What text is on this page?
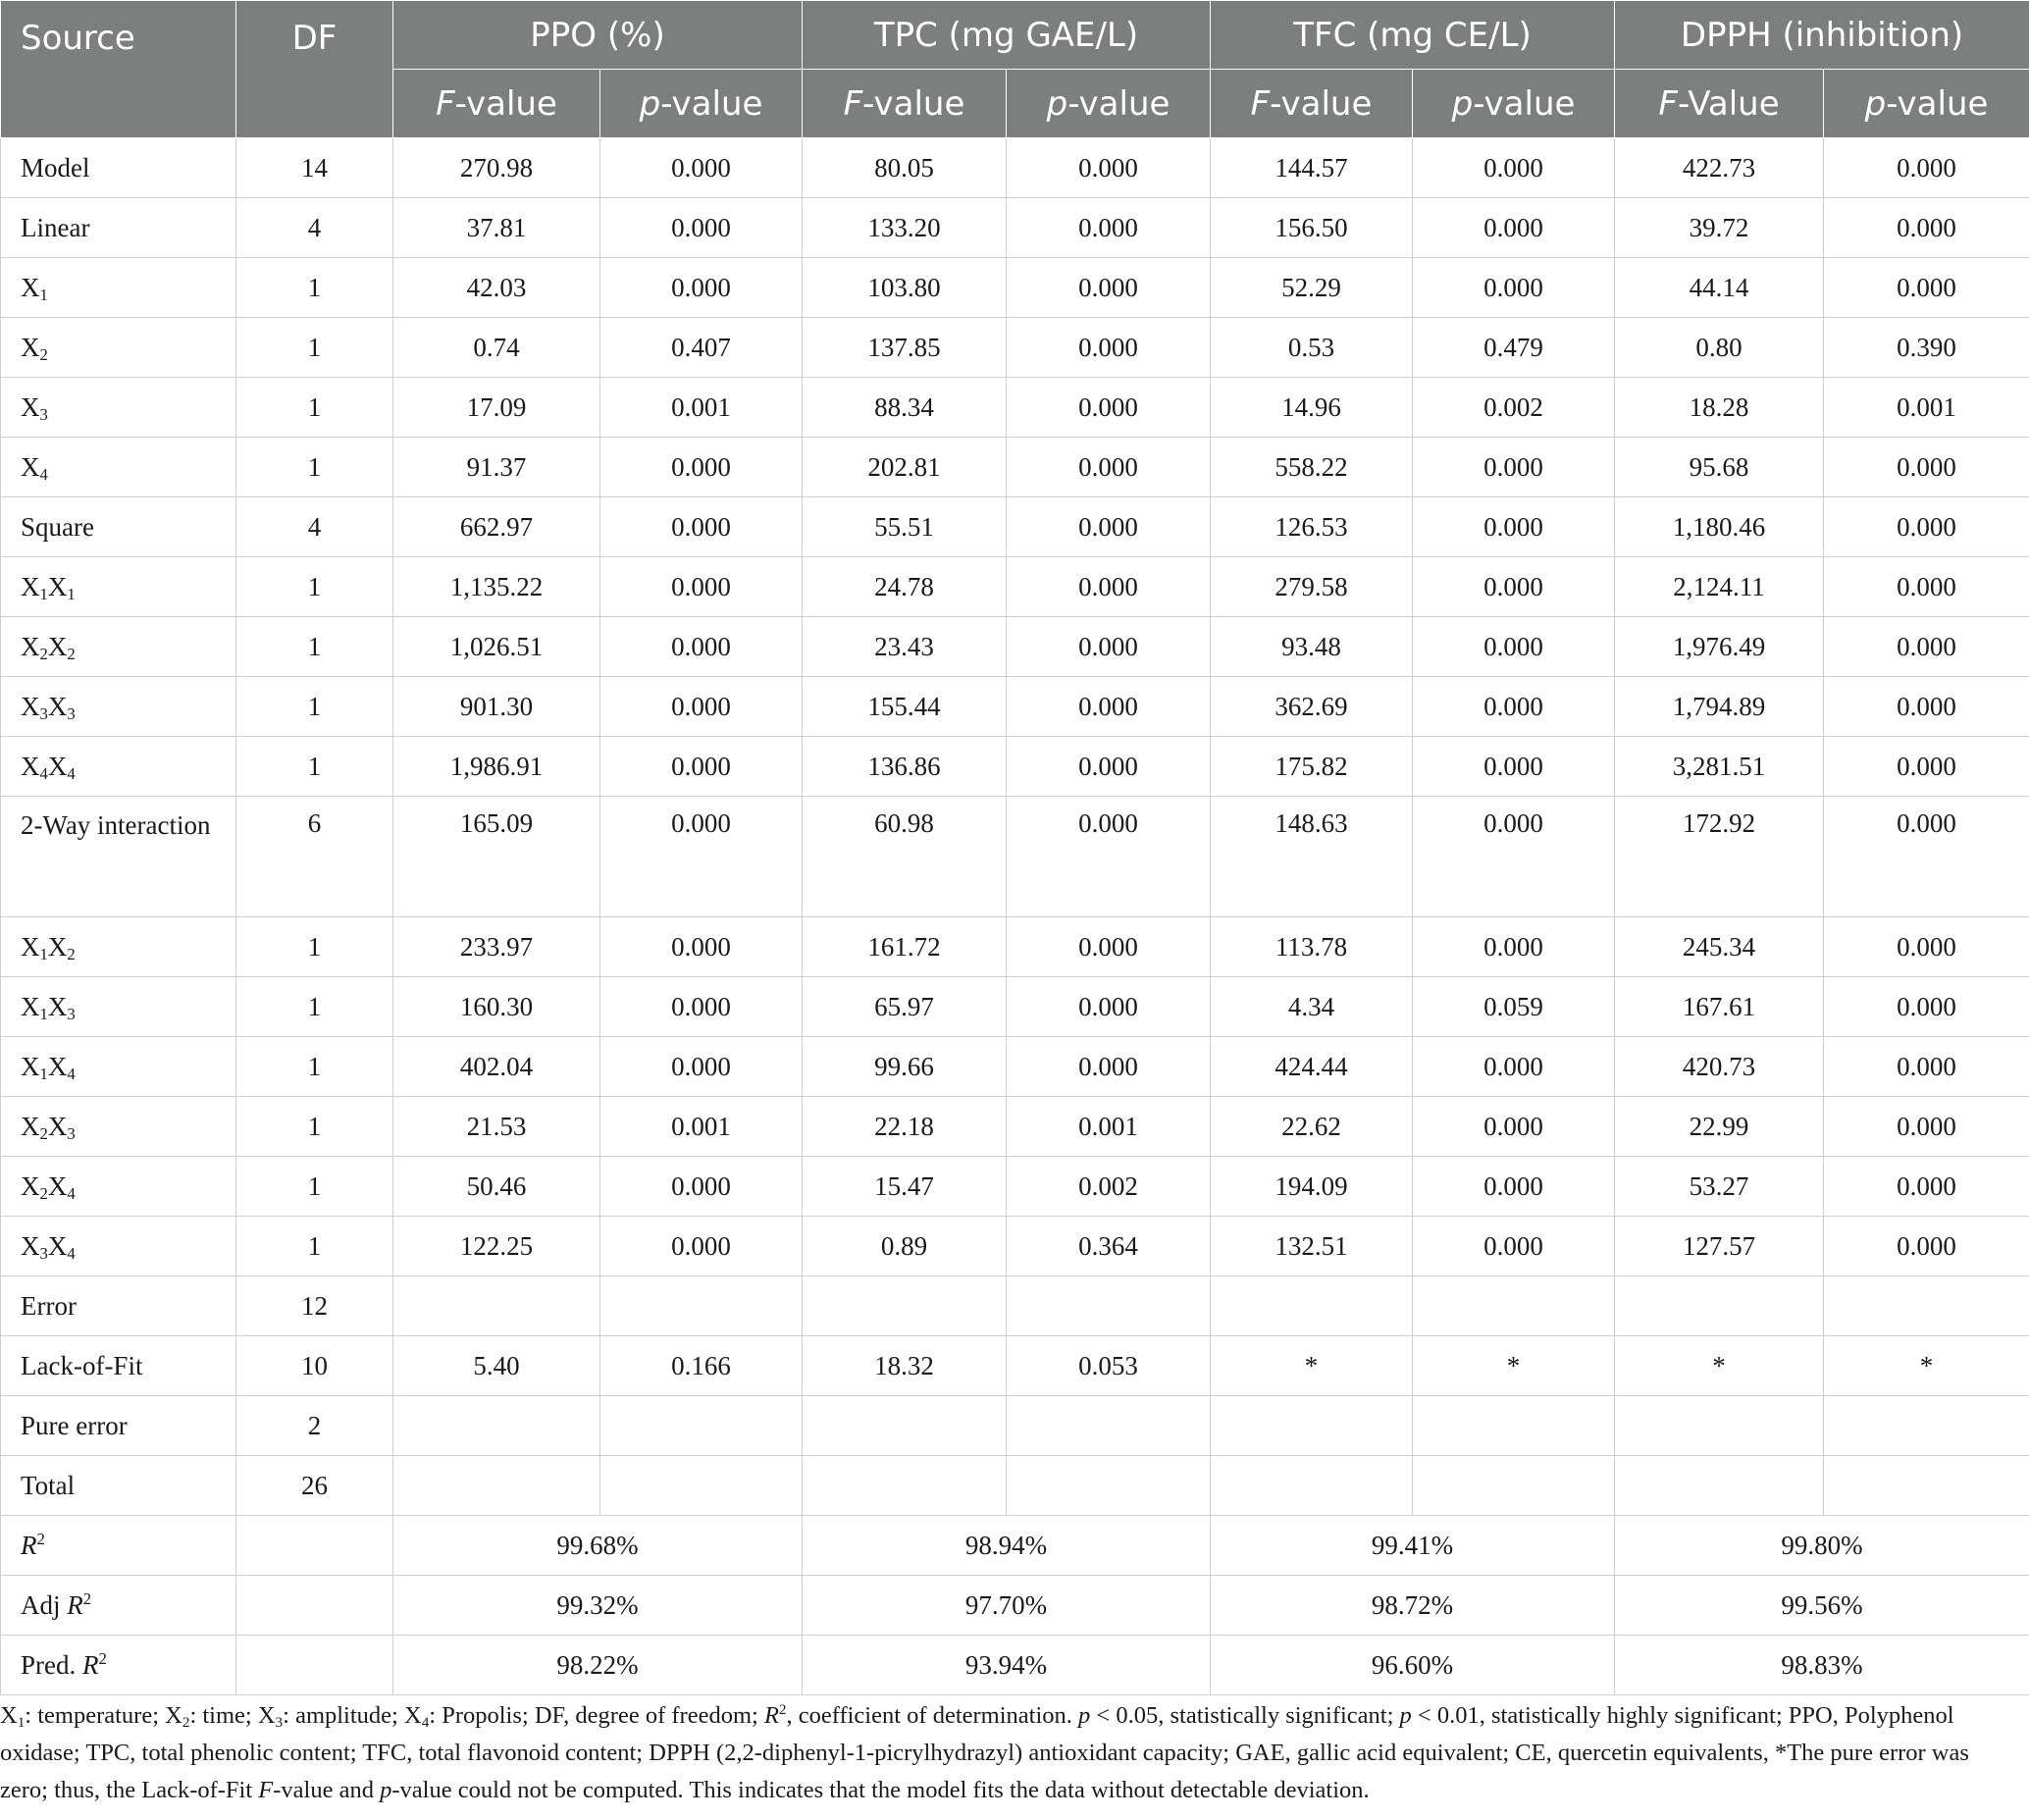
Source	DF	PPO (%)		TPC (mg GAE/L)		TFC (mg CE/L)		DPPH (inhibition)	
		F-value	p-value	F-value	p-value	F-value	p-value	F-Value	p-value
Model	14	270.98	0.000	80.05	0.000	144.57	0.000	422.73	0.000
Linear	4	37.81	0.000	133.20	0.000	156.50	0.000	39.72	0.000
$X_1$	1	42.03	0.000	103.80	0.000	52.29	0.000	44.14	0.000
$X_2$	1	0.74	0.407	137.85	0.000	0.53	0.479	0.80	0.390
$X_3$	1	17.09	0.001	88.34	0.000	14.96	0.002	18.28	0.001
$X_4$	1	91.37	0.000	202.81	0.000	558.22	0.000	95.68	0.000
Square	4	662.97	0.000	55.51	0.000	126.53	0.000	1,180.46	0.000
$X_1X_1$	1	1,135.22	0.000	24.78	0.000	279.58	0.000	2,124.11	0.000
$X_2X_2$	1	1,026.51	0.000	23.43	0.000	93.48	0.000	1,976.49	0.000
$X_3X_3$	1	901.30	0.000	155.44	0.000	362.69	0.000	1,794.89	0.000
$X_4X_4$	1	1,986.91	0.000	136.86	0.000	175.82	0.000	3,281.51	0.000
2-Way interaction	6	165.09	0.000	60.98	0.000	148.63	0.000	172.92	0.000
$X_1X_2$	1	233.97	0.000	161.72	0.000	113.78	0.000	245.34	0.000
$X_1X_3$	1	160.30	0.000	65.97	0.000	4.34	0.059	167.61	0.000
$X_1X_4$	1	402.04	0.000	99.66	0.000	424.44	0.000	420.73	0.000
$X_2X_3$	1	21.53	0.001	22.18	0.001	22.62	0.000	22.99	0.000
$X_2X_4$	1	50.46	0.000	15.47	0.002	194.09	0.000	53.27	0.000
$X_3X_4$	1	122.25	0.000	0.89	0.364	132.51	0.000	127.57	0.000
Error	12								
Lack-of-Fit	10	5.40	0.166	18.32	0.053	*	*	*	*
Pure error	2								
Total	26								
$R^2$		99.68%		98.94%		99.41%		99.80%	
Adj $R^2$		99.32%		97.70%		98.72%		99.56%	
Pred. $R^2$		98.22%		93.94%		96.60%		98.83%	
$X_1$: temperature; $X_2$: time; $X_3$: amplitude; $X_4$: Propolis; DF, degree of freedom; $R^2$, coefficient of determination. p < 0.05, statistically significant; p < 0.01, statistically highly significant; PPO, Polyphenol oxidase; TPC, total phenolic content; TFC, total flavonoid content; DPPH (2,2-diphenyl-1-picrylhydrazyl) antioxidant capacity; GAE, gallic acid equivalent; CE, quercetin equivalents, *The pure error was zero; thus, the Lack-of-Fit F-value and p-value could not be computed. This indicates that the model fits the data without detectable deviation.
